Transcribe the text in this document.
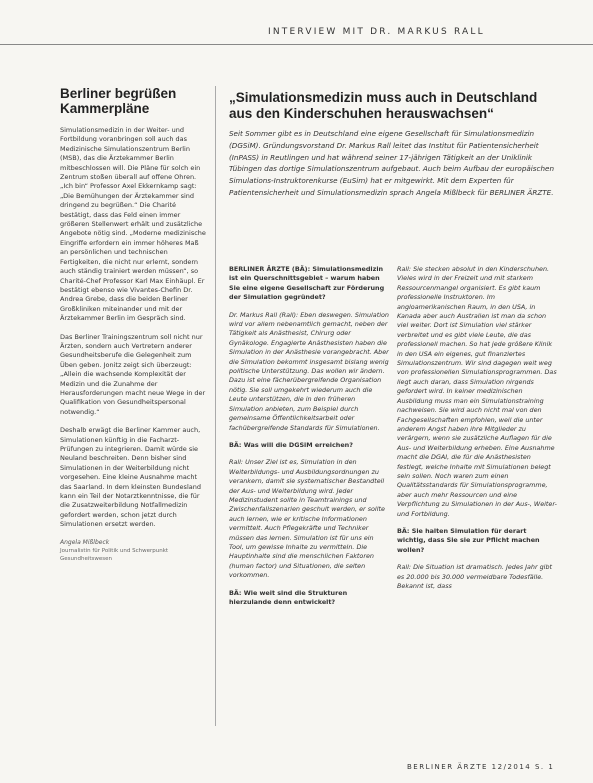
INTERVIEW MIT DR. MARKUS RALL
Berliner begrüßen Kammerpläne

Simulationsmedizin in der Weiter- und Fortbildung voranbringen soll auch das Medizinische Simulationszentrum Berlin (MSB), das die Ärztekammer Berlin mitbeschlossen will. Die Pläne für solch ein Zentrum stoßen überall auf offene Ohren. „Ich bin“ Professor Axel Ekkernkamp sagt: „Die Bemühungen der Ärztekammer sind dringend zu begrüßen.“ Die Charité bestätigt, dass das Feld einen immer größeren Stellenwert erhält und zusätzliche Angebote nötig sind. „Moderne medizinische Eingriffe erfordern ein immer höheres Maß an persönlichen und technischen Fertigkeiten, die nicht nur erlernt, sondern auch ständig trainiert werden müssen“, so Charité-Chef Professor Karl Max Einhäupl. Er bestätigt ebenso wie Vivantes-Chefin Dr. Andrea Grebe, dass die beiden Berliner Großkliniken miteinander und mit der Ärztekammer Berlin im Gespräch sind.

Das Berliner Trainingszentrum soll nicht nur Ärzten, sondern auch Vertretern anderer Gesundheitsberufe die Gelegenheit zum Üben geben. Jonitz zeigt sich überzeugt: „Allein die wachsende Komplexität der Medizin und die Zunahme der Herausforderungen macht neue Wege in der Qualifikation von Gesundheitspersonal notwendig.“

Deshalb erwägt die Berliner Kammer auch, Simulationen künftig in die Facharzt-Prüfungen zu integrieren. Damit würde sie Neuland beschreiten. Denn bisher sind Simulationen in der Weiterbildung nicht vorgesehen. Eine kleine Ausnahme macht das Saarland. In dem kleinsten Bundesland kann ein Teil der Notarztkenntnisse, die für die Zusatzweiterbildung Notfallmedizin gefordert werden, schon jetzt durch Simulationen ersetzt werden.

Angela Mißlbeck

Journalistin für Politik und Schwerpunkt Gesundheitswesen

„Simulationsmedizin muss auch in Deutschland aus den Kinderschuhen herauswachsen“

Seit Sommer gibt es in Deutschland eine eigene Gesellschaft für Simulationsmedizin (DGSiM). Gründungsvorstand Dr. Markus Rall leitet das Institut für Patientensicherheit (InPASS) in Reutlingen und hat während seiner 17-jährigen Tätigkeit an der Uniklinik Tübingen das dortige Simulationszentrum aufgebaut. Auch beim Aufbau der europäischen Simulations-Instruktorenkurse (EuSim) hat er mitgewirkt. Mit dem Experten für Patientensicherheit und Simulationsmedizin sprach Angela Mißlbeck für BERLINER ÄRZTE.

BERLINER ÄRZTE (BÄ): Simulationsmedizin ist ein Querschnittsgebiet – warum haben Sie eine eigene Gesellschaft zur Förderung der Simulation gegründet?

Dr. Markus Rall (Rall): Eben deswegen. Simulation wird vor allem nebenamtlich gemacht, neben der Tätigkeit als Anästhesist, Chirurg oder Gynäkologe. Engagierte Anästhesisten haben die Simulation in der Anästhesie vorangebracht. Aber die Simulation bekommt insgesamt bislang wenig politische Unterstützung. Das wollen wir ändern. Dazu ist eine fächerübergreifende Organisation nötig. Sie soll umgekehrt wiederum auch die Leute unterstützen, die in den früheren Simulation anbieten, zum Beispiel durch gemeinsame Öffentlichkeitsarbeit oder fachübergreifende Standards für Simulationen.

BÄ: Was will die DGSiM erreichen?

Rall: Unser Ziel ist es, Simulation in den Weiterbildungs- und Ausbildungsordnungen zu verankern, damit sie systematischer Bestandteil der Aus- und Weiterbildung wird. Jeder Medizinstudent sollte in Teamtrainings und Zwischenfallszenarien geschult werden, er sollte auch lernen, wie er kritische Informationen vermittelt. Auch Pflegekräfte und Techniker müssen das lernen. Simulation ist für uns ein Tool, um gewisse Inhalte zu vermitteln. Die Hauptinhalte sind die menschlichen Faktoren (human factor) und Situationen, die selten vorkommen.

BÄ: Wie weit sind die Strukturen hierzulande denn entwickelt?

Rall: Sie stecken absolut in den Kinderschuhen. Vieles wird in der Freizeit und mit starkem Ressourcenmangel organisiert. Es gibt kaum professionelle Instruktoren. Im angloamerikanischen Raum, in den USA, in Kanada aber auch Australien ist man da schon viel weiter. Dort ist Simulation viel stärker verbreitet und es gibt viele Leute, die das professionell machen. So hat jede größere Klinik in den USA ein eigenes, gut finanziertes Simulationszentrum. Wir sind dagegen weit weg von professionellen Simulationsprogrammen. Das liegt auch daran, dass Simulation nirgends gefordert wird. In keiner medizinischen Ausbildung muss man ein Simulationstraining nachweisen. Sie wird auch nicht mal von den Fachgesellschaften empfohlen, weil die unter anderem Angst haben ihre Mitglieder zu verärgern, wenn sie zusätzliche Auflagen für die Aus- und Weiterbildung erheben. Eine Ausnahme macht die DGAI, die für die Anästhesisten festlegt, welche Inhalte mit Simulationen belegt sein sollen. Noch waren zum einen Qualitätsstandards für Simulationsprogramme, aber auch mehr Ressourcen und eine Verpflichtung zu Simulationen in der Aus-, Weiter- und Fortbildung.

BÄ: Sie halten Simulation für derart wichtig, dass Sie sie zur Pflicht machen wollen?

Rall: Die Situation ist dramatisch. Jedes Jahr gibt es 20.000 bis 30.000 vermeidbare Todesfälle. Bekannt ist, dass

BERLINER ÄRZTE 12/2014 S. 1
